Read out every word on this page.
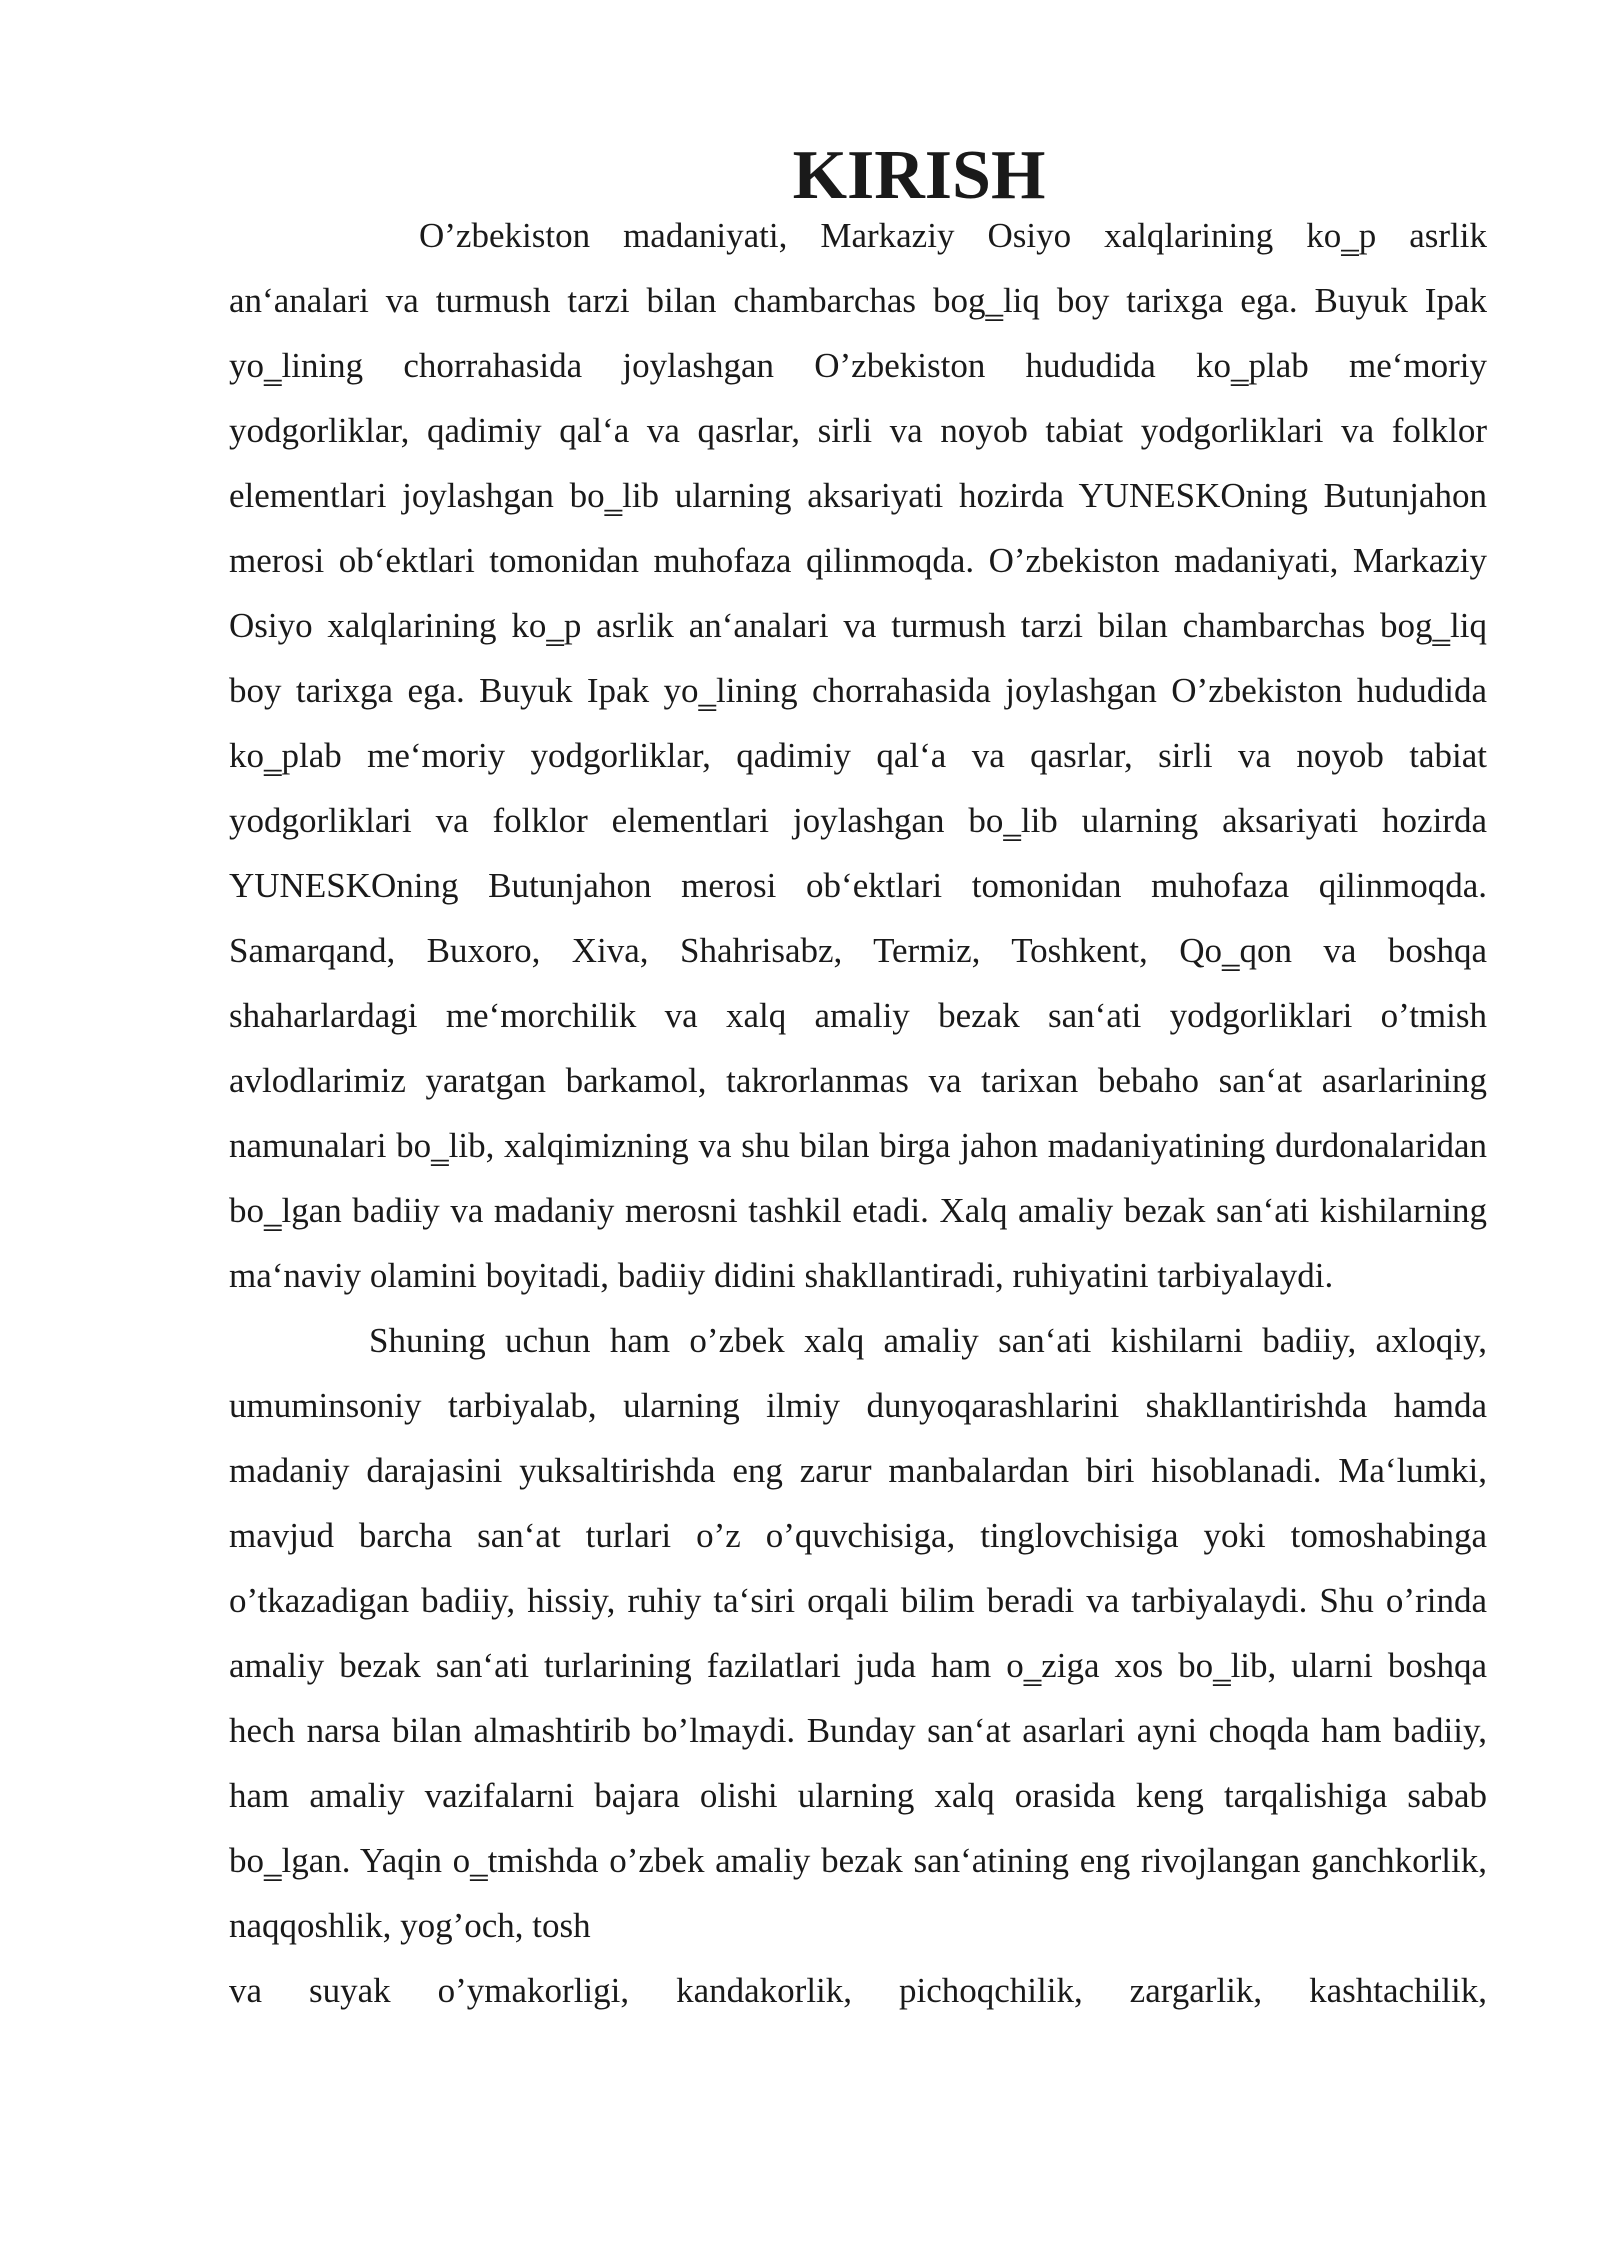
KIRISH

O’zbekiston madaniyati, Markaziy Osiyo xalqlarining ko‗p asrlik an‘analari va turmush tarzi bilan chambarchas bog‗liq boy tarixga ega. Buyuk Ipak yo‗lining chorrahasida joylashgan O’zbekiston hududida ko‗plab me‘moriy yodgorliklar, qadimiy qal‘a va qasrlar, sirli va noyob tabiat yodgorliklari va folklor elementlari joylashgan bo‗lib ularning aksariyati hozirda YUNESKOning Butunjahon merosi ob‘ektlari tomonidan muhofaza qilinmoqda. O’zbekiston madaniyati, Markaziy Osiyo xalqlarining ko‗p asrlik an‘analari va turmush tarzi bilan chambarchas bog‗liq boy tarixga ega. Buyuk Ipak yo‗lining chorrahasida joylashgan O’zbekiston hududida ko‗plab me‘moriy yodgorliklar, qadimiy qal‘a va qasrlar, sirli va noyob tabiat yodgorliklari va folklor elementlari joylashgan bo‗lib ularning aksariyati hozirda YUNESKOning Butunjahon merosi ob‘ektlari tomonidan muhofaza qilinmoqda. Samarqand, Buxoro, Xiva, Shahrisabz, Termiz, Toshkent, Qo‗qon va boshqa shaharlardagi me‘morchilik va xalq amaliy bezak san‘ati yodgorliklari o’tmish avlodlarimiz yaratgan barkamol, takrorlanmas va tarixan bebaho san‘at asarlarining namunalari bo‗lib, xalqimizning va shu bilan birga jahon madaniyatining durdonalaridan bo‗lgan badiiy va madaniy merosni tashkil etadi. Xalq amaliy bezak san‘ati kishilarning ma‘naviy olamini boyitadi, badiiy didini shakllantiradi, ruhiyatini tarbiyalaydi.

Shuning uchun ham o’zbek xalq amaliy san‘ati kishilarni badiiy, axloqiy, umuminsoniy tarbiyalab, ularning ilmiy dunyoqarashlarini shakllantirishda hamda madaniy darajasini yuksaltirishda eng zarur manbalardan biri hisoblanadi. Ma‘lumki, mavjud barcha san‘at turlari o’z o’quvchisiga, tinglovchisiga yoki tomoshabinga o’tkazadigan badiiy, hissiy, ruhiy ta‘siri orqali bilim beradi va tarbiyalaydi. Shu o’rinda amaliy bezak san‘ati turlarining fazilatlari juda ham o‗ziga xos bo‗lib, ularni boshqa hech narsa bilan almashtirib bo’lmaydi. Bunday san‘at asarlari ayni choqda ham badiiy, ham amaliy vazifalarni bajara olishi ularning xalq orasida keng tarqalishiga sabab bo‗lgan. Yaqin o‗tmishda o’zbek amaliy bezak san‘atining eng rivojlangan ganchkorlik, naqqoshlik, yog’och, tosh

va suyak o’ymakorligi, kandakorlik, pichoqchilik, zargarlik, kashtachilik,
